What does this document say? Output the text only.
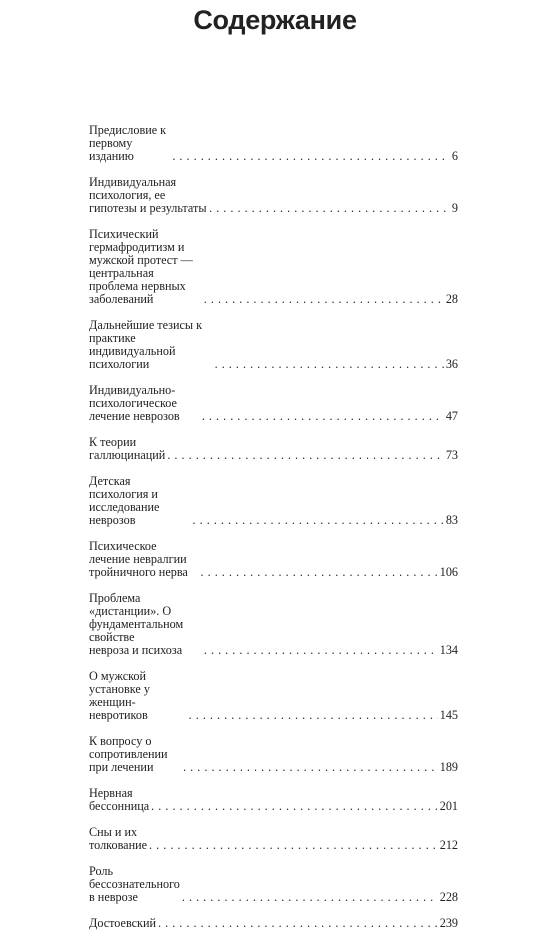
Содержание
Предисловие к первому изданию . . .	6
Индивидуальная психология, ее гипотезы и результаты . . .	9
Психический гермафродитизм и мужской протест —
центральная проблема нервных заболеваний . . .	28
Дальнейшие тезисы к практике индивидуальной психологии . . .	36
Индивидуально-психологическое лечение неврозов . . .	47
К теории галлюцинаций . . .	73
Детская психология и исследование неврозов . . .	83
Психическое лечение невралгии тройничного нерва . . .	106
Проблема «дистанции». О фундаментальном свойстве
невроза и психоза . . .	134
О мужской установке у женщин-невротиков . . .	145
К вопросу о сопротивлении при лечении . . .	189
Нервная бессонница . . .	201
Сны и их толкование . . .	212
Роль бессознательного в неврозе . . .	228
Достоевский . . .	239
